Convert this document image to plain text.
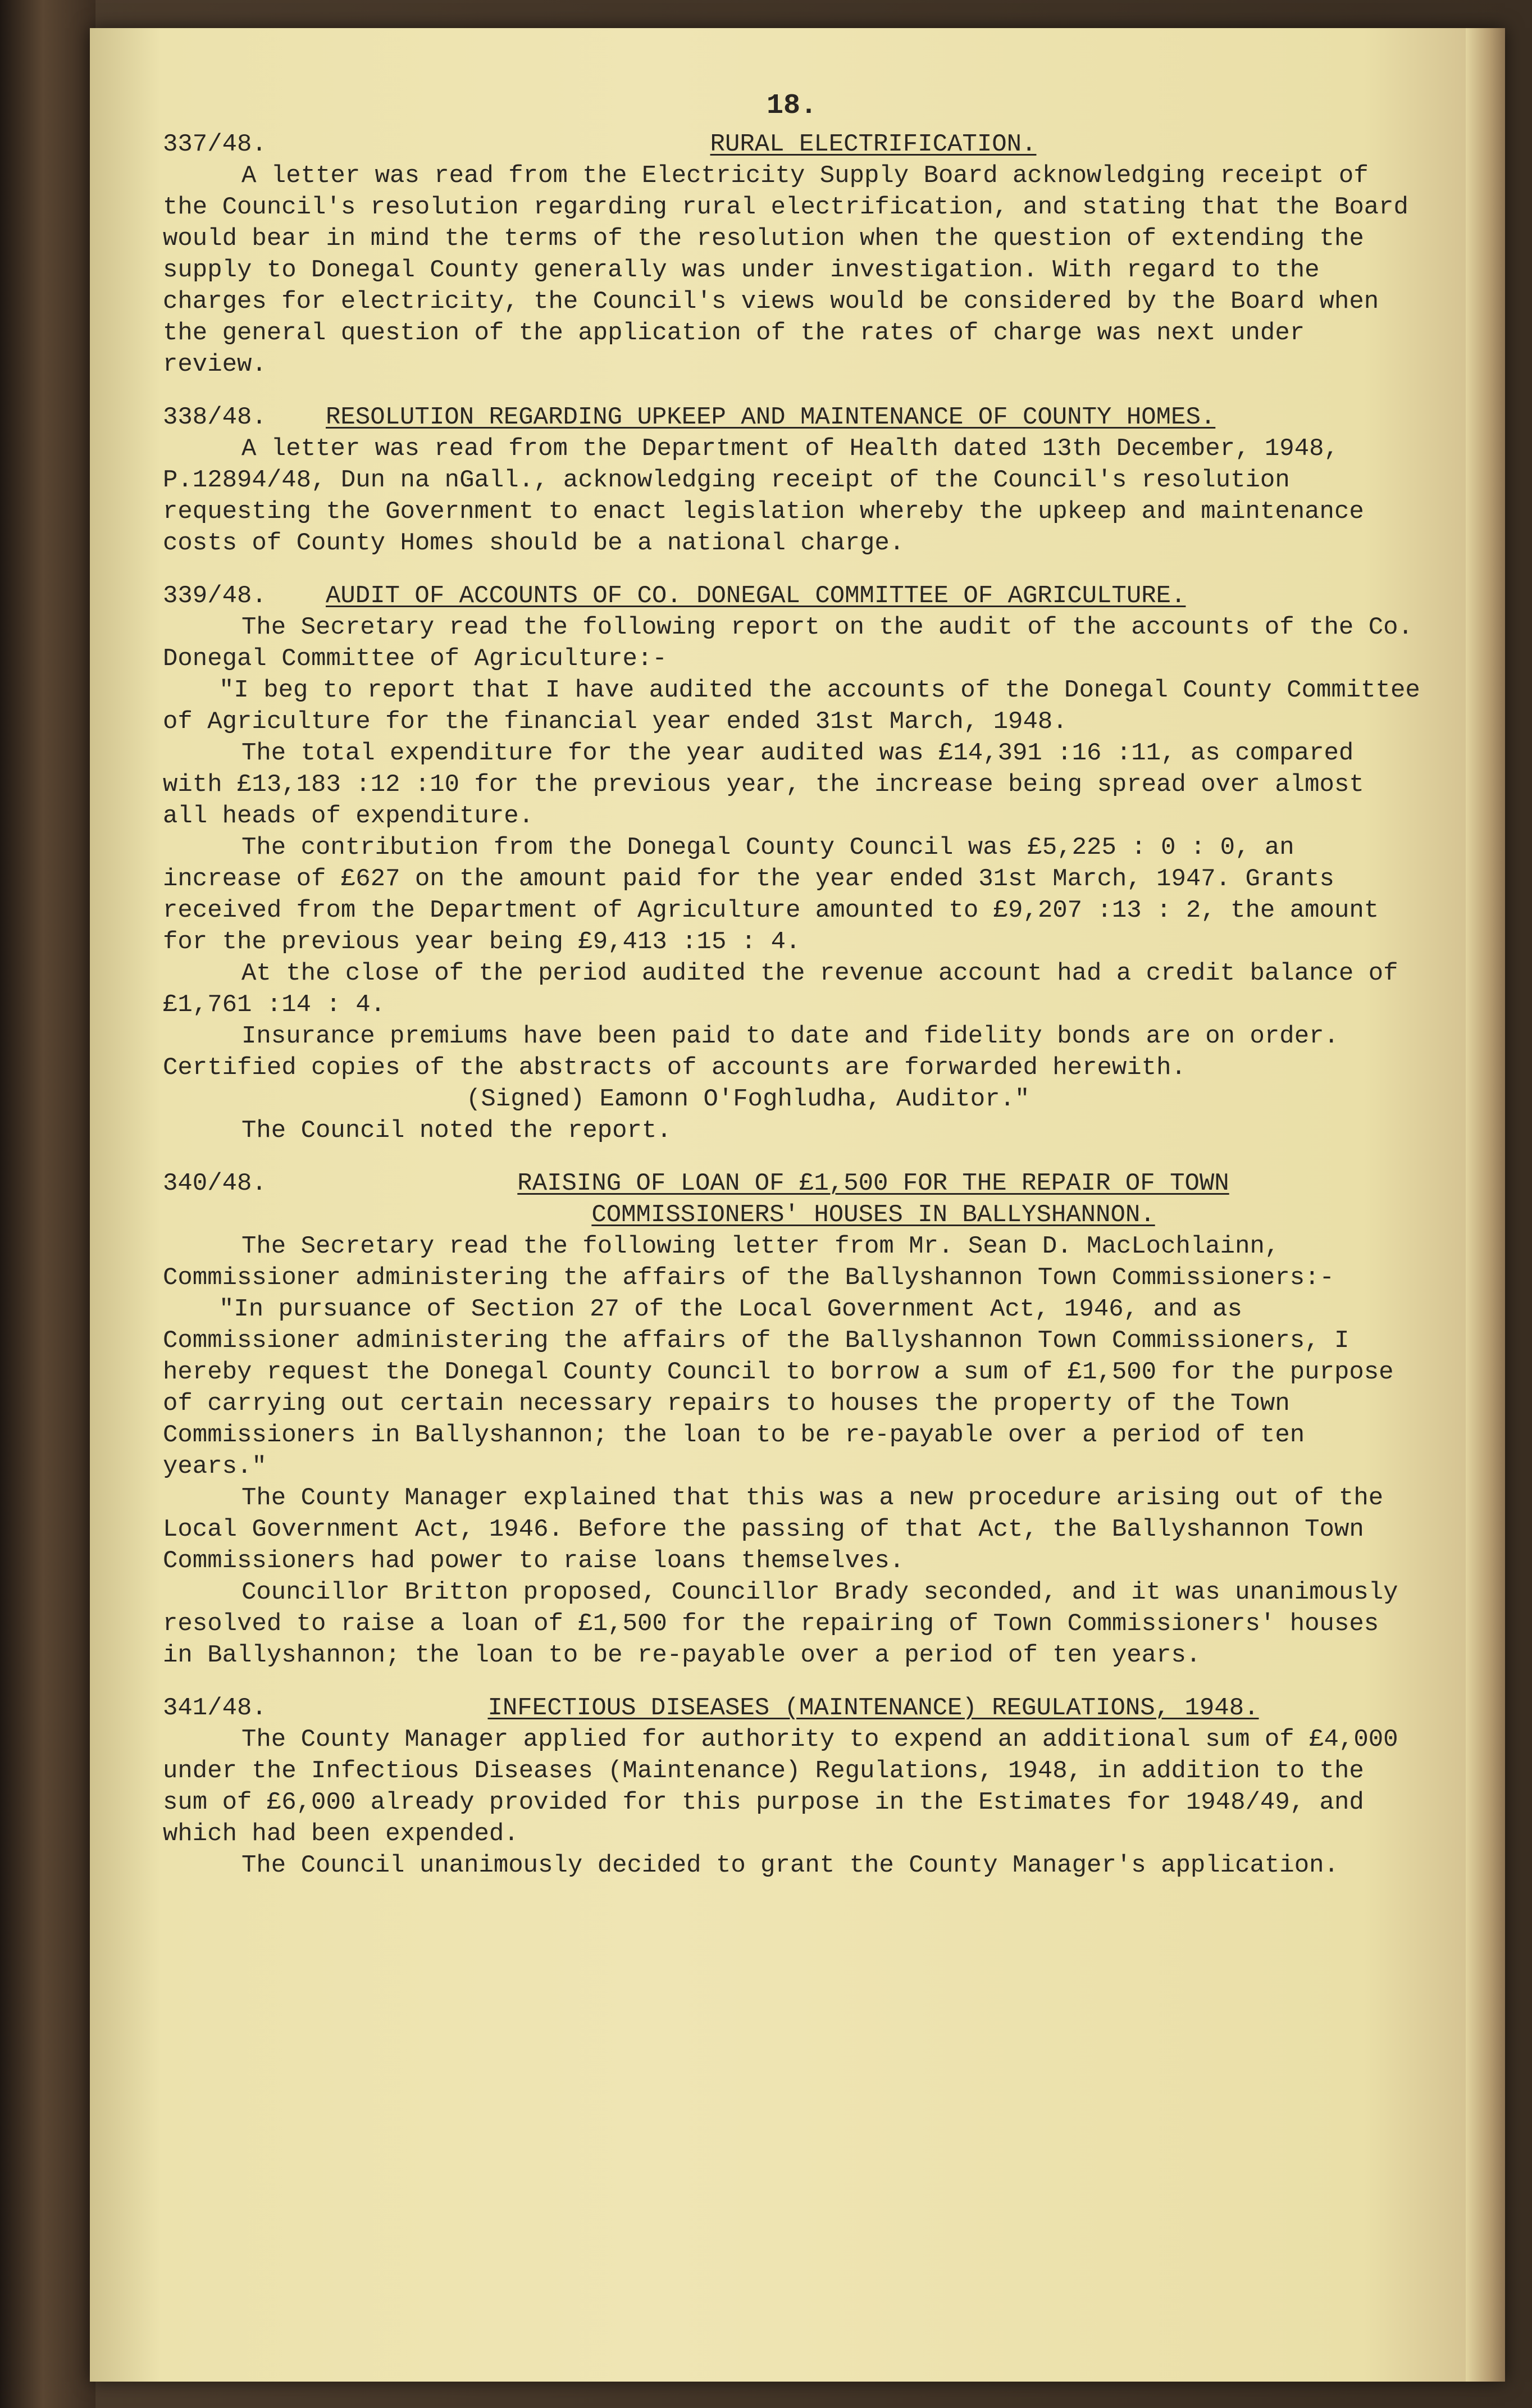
18.
337/48.	RURAL ELECTRIFICATION.

A letter was read from the Electricity Supply Board acknowledging receipt of the Council's resolution regarding rural electrification, and stating that the Board would bear in mind the terms of the resolution when the question of extending the supply to Donegal County generally was under investigation. With regard to the charges for electricity, the Council's views would be considered by the Board when the general question of the application of the rates of charge was next under review.

338/48.	RESOLUTION REGARDING UPKEEP AND MAINTENANCE OF COUNTY HOMES.

A letter was read from the Department of Health dated 13th December, 1948, P.12894/48, Dun na nGall., acknowledging receipt of the Council's resolution requesting the Government to enact legislation whereby the upkeep and maintenance costs of County Homes should be a national charge.

339/48.	AUDIT OF ACCOUNTS OF CO. DONEGAL COMMITTEE OF AGRICULTURE.

The Secretary read the following report on the audit of the accounts of the Co. Donegal Committee of Agriculture:-

"I beg to report that I have audited the accounts of the Donegal County Committee of Agriculture for the financial year ended 31st March, 1948.

The total expenditure for the year audited was £14,391 :16 :11, as compared with £13,183 :12 :10 for the previous year, the increase being spread over almost all heads of expenditure.

The contribution from the Donegal County Council was £5,225 : 0 : 0, an increase of £627 on the amount paid for the year ended 31st March, 1947. Grants received from the Department of Agriculture amounted to £9,207 :13 : 2, the amount for the previous year being £9,413 :15 : 4.

At the close of the period audited the revenue account had a credit balance of £1,761 :14 : 4.

Insurance premiums have been paid to date and fidelity bonds are on order. Certified copies of the abstracts of accounts are forwarded herewith.

(Signed) Eamonn O'Foghludha, Auditor."

The Council noted the report.

340/48.	RAISING OF LOAN OF £1,500 FOR THE REPAIR OF TOWN
COMMISSIONERS' HOUSES IN BALLYSHANNON.

The Secretary read the following letter from Mr. Sean D. MacLochlainn, Commissioner administering the affairs of the Ballyshannon Town Commissioners:-

"In pursuance of Section 27 of the Local Government Act, 1946, and as Commissioner administering the affairs of the Ballyshannon Town Commissioners, I hereby request the Donegal County Council to borrow a sum of £1,500 for the purpose of carrying out certain necessary repairs to houses the property of the Town Commissioners in Ballyshannon; the loan to be re-payable over a period of ten years."

The County Manager explained that this was a new procedure arising out of the Local Government Act, 1946. Before the passing of that Act, the Ballyshannon Town Commissioners had power to raise loans themselves.

Councillor Britton proposed, Councillor Brady seconded, and it was unanimously resolved to raise a loan of £1,500 for the repairing of Town Commissioners' houses in Ballyshannon; the loan to be re-payable over a period of ten years.

341/48.	INFECTIOUS DISEASES (MAINTENANCE) REGULATIONS, 1948.

The County Manager applied for authority to expend an additional sum of £4,000 under the Infectious Diseases (Maintenance) Regulations, 1948, in addition to the sum of £6,000 already provided for this purpose in the Estimates for 1948/49, and which had been expended.

The Council unanimously decided to grant the County Manager's application.
